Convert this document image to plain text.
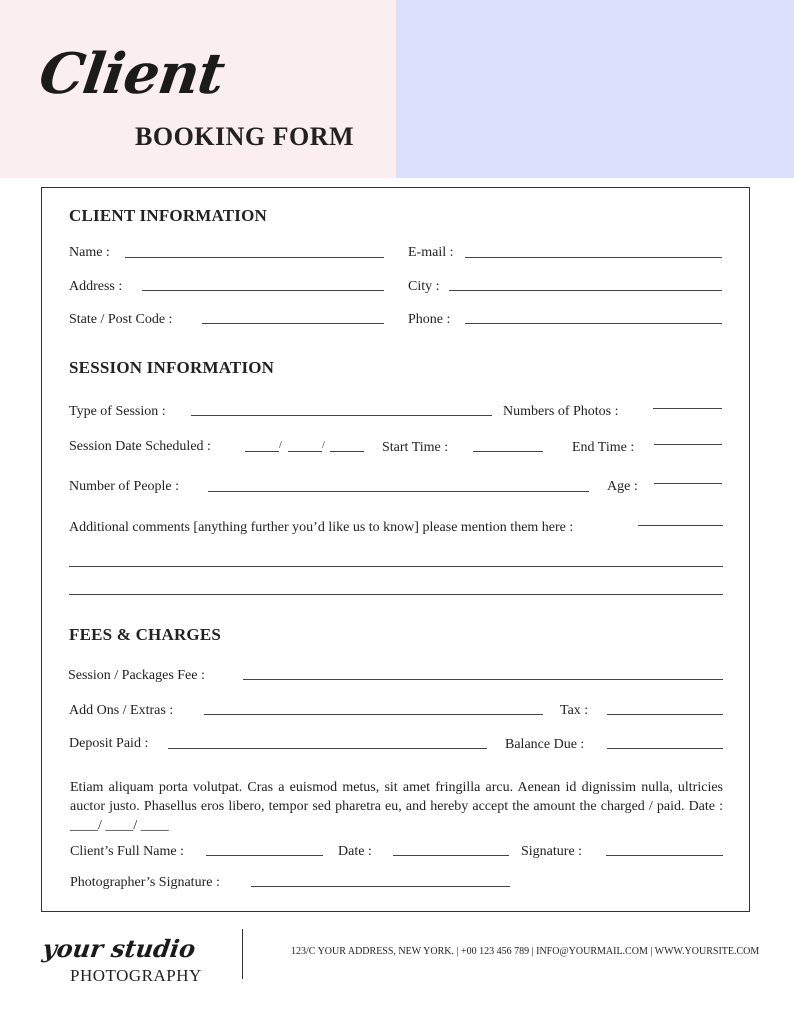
Client
BOOKING FORM
CLIENT INFORMATION
Name :	E-mail :
Address :	City :
State / Post Code :	Phone :
SESSION INFORMATION
Type of Session :	Numbers of Photos :
Session Date Scheduled :	/	/	Start Time :	End Time :
Number of People :	Age :
Additional comments [anything further you’d like us to know] please mention them here :
FEES & CHARGES
Session / Packages Fee :
Add Ons / Extras :	Tax :
Deposit Paid :	Balance Due :
Etiam aliquam porta volutpat. Cras a euismod metus, sit amet fringilla arcu. Aenean id dignissim nulla, ultricies auctor justo. Phasellus eros libero, tempor sed pharetra eu, and hereby accept the amount the charged / paid. Date : ____/ ____/ ____
Client’s Full Name :	Date :	Signature :
Photographer’s Signature :
your studio
PHOTOGRAPHY
123/C YOUR ADDRESS, NEW YORK. | +00 123 456 789 | INFO@YOURMAIL.COM | WWW.YOURSITE.COM
